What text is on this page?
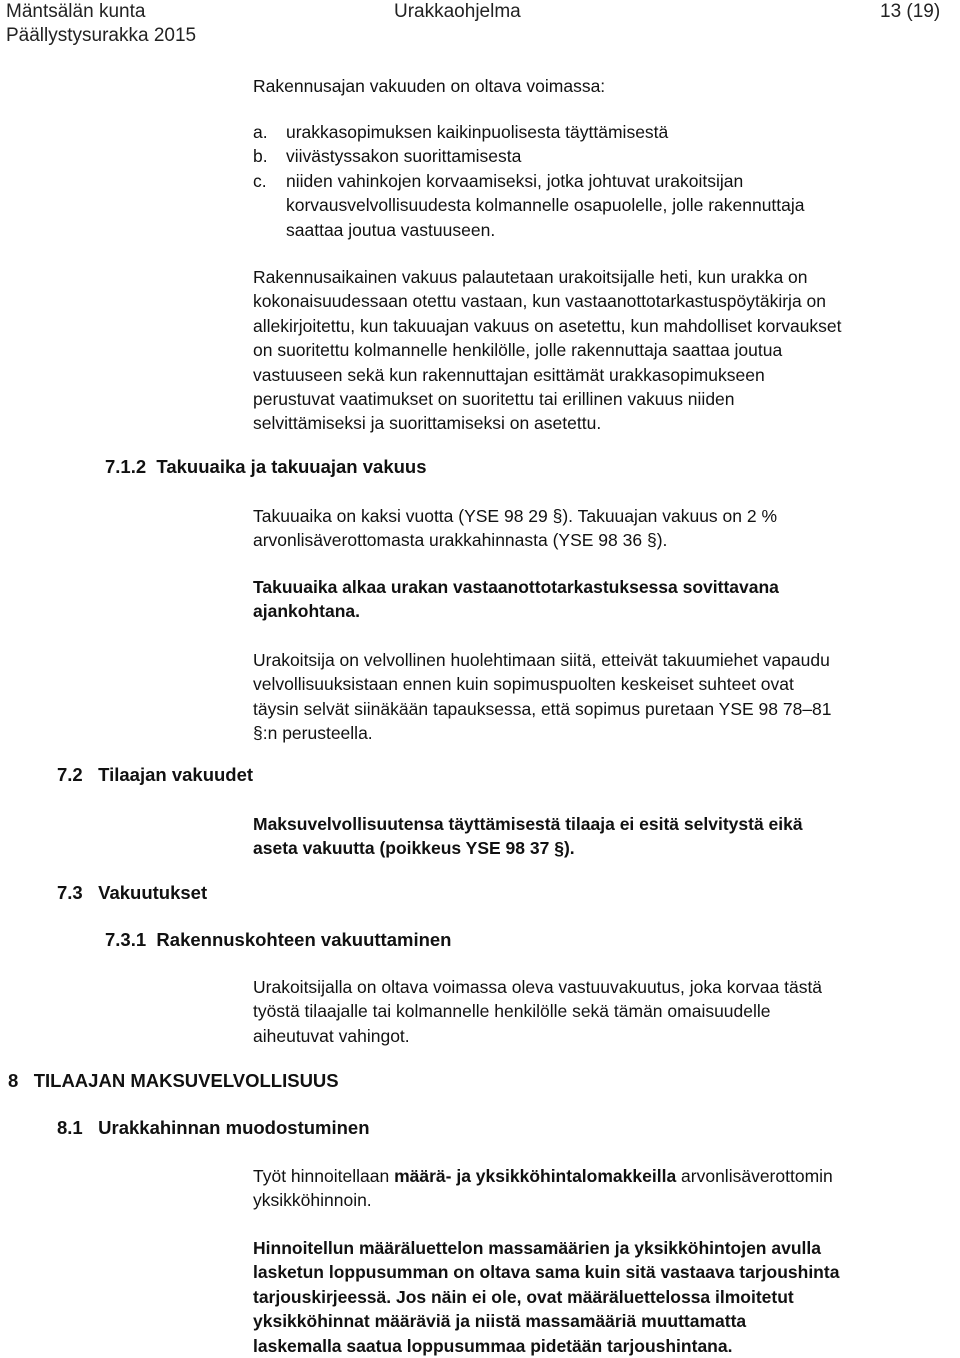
Mäntsälän kunta
Päällystysurakka 2015
Urakkaohjelma	13 (19)

Rakennusajan vakuuden on oltava voimassa:

a. urakkasopimuksen kaikinpuolisesta täyttämisestä
b. viivästyssakon suorittamisesta
c. niiden vahinkojen korvaamiseksi, jotka johtuvat urakoitsijan
korvausvelvollisuudesta kolmannelle osapuolelle, jolle rakennuttaja
saattaa joutua vastuuseen.

Rakennusaikainen vakuus palautetaan urakoitsijalle heti, kun urakka on
kokonaisuudessaan otettu vastaan, kun vastaanottotarkastuspöytäkirja on
allekirjoitettu, kun takuuajan vakuus on asetettu, kun mahdolliset korvaukset
on suoritettu kolmannelle henkilölle, jolle rakennuttaja saattaa joutua
vastuuseen sekä kun rakennuttajan esittämät urakkasopimukseen
perustuvat vaatimukset on suoritettu tai erillinen vakuus niiden
selvittämiseksi ja suorittamiseksi on asetettu.

7.1.2  Takuuaika ja takuuajan vakuus

Takuuaika on kaksi vuotta (YSE 98 29 §). Takuuajan vakuus on 2 %
arvonlisäverottomasta urakkahinnasta (YSE 98 36 §).

Takuuaika alkaa urakan vastaanottotarkastuksessa sovittavana
ajankohtana.

Urakoitsija on velvollinen huolehtimaan siitä, etteivät takuumiehet vapaudu
velvollisuuksistaan ennen kuin sopimuspuolten keskeiset suhteet ovat
täysin selvät siinäkään tapauksessa, että sopimus puretaan YSE 98 78–81
§:n perusteella.

7.2   Tilaajan vakuudet

Maksuvelvollisuutensa täyttämisestä tilaaja ei esitä selvitystä eikä
aseta vakuutta (poikkeus YSE 98 37 §).

7.3   Vakuutukset
7.3.1  Rakennuskohteen vakuuttaminen

Urakoitsijalla on oltava voimassa oleva vastuuvakuutus, joka korvaa tästä
työstä tilaajalle tai kolmannelle henkilölle sekä tämän omaisuudelle
aiheutuvat vahingot.

8   TILAAJAN MAKSUVELVOLLISUUS
8.1   Urakkahinnan muodostuminen

Työt hinnoitellaan määrä- ja yksikköhintalomakkeilla arvonlisäverottomin
yksikköhinnoin.

Hinnoitellun määräluettelon massamäärien ja yksikköhintojen avulla
lasketun loppusumman on oltava sama kuin sitä vastaava tarjoushinta
tarjouskirjeessä. Jos näin ei ole, ovat määräluettelossa ilmoitetut
yksikköhinnat määräviä ja niistä massamääriä muuttamatta
laskemalla saatua loppusummaa pidetään tarjoushintana.
